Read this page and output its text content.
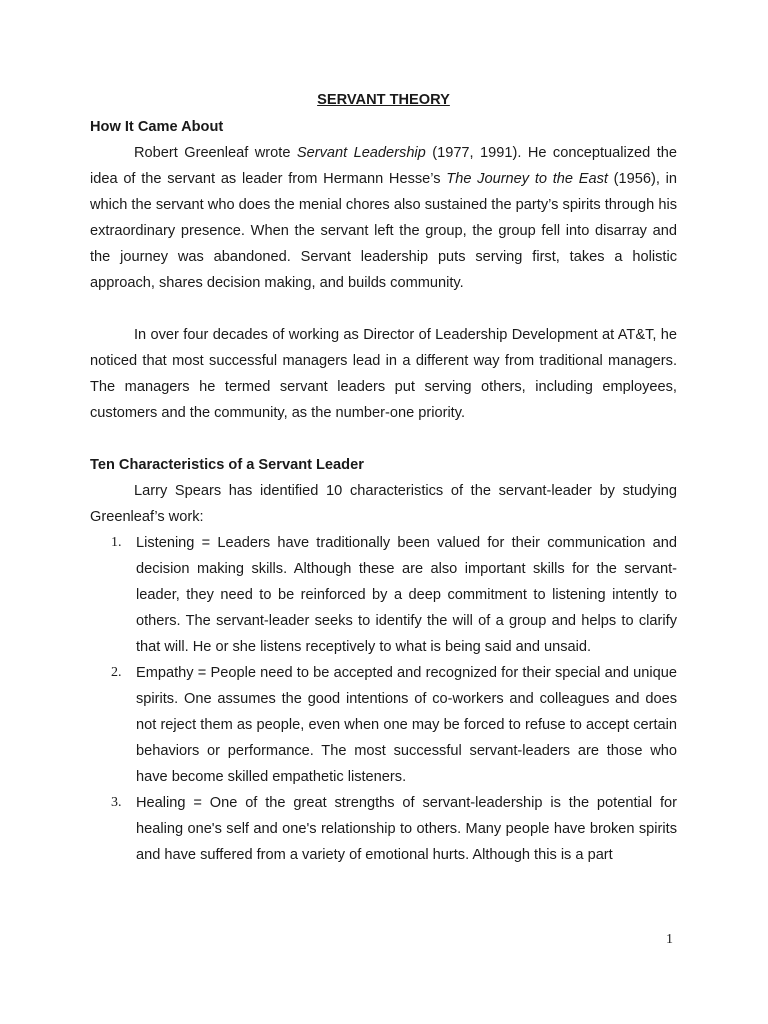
SERVANT THEORY

How It Came About

Robert Greenleaf wrote Servant Leadership (1977, 1991). He conceptualized the idea of the servant as leader from Hermann Hesse’s The Journey to the East (1956), in which the servant who does the menial chores also sustained the party’s spirits through his extraordinary presence. When the servant left the group, the group fell into disarray and the journey was abandoned. Servant leadership puts serving first, takes a holistic approach, shares decision making, and builds community.

In over four decades of working as Director of Leadership Development at AT&T, he noticed that most successful managers lead in a different way from traditional managers. The managers he termed servant leaders put serving others, including employees, customers and the community, as the number-one priority.

Ten Characteristics of a Servant Leader

Larry Spears has identified 10 characteristics of the servant-leader by studying Greenleaf’s work:

1. Listening = Leaders have traditionally been valued for their communication and decision making skills. Although these are also important skills for the servant-leader, they need to be reinforced by a deep commitment to listening intently to others. The servant-leader seeks to identify the will of a group and helps to clarify that will. He or she listens receptively to what is being said and unsaid.
2. Empathy = People need to be accepted and recognized for their special and unique spirits. One assumes the good intentions of co-workers and colleagues and does not reject them as people, even when one may be forced to refuse to accept certain behaviors or performance. The most successful servant-leaders are those who have become skilled empathetic listeners.
3. Healing = One of the great strengths of servant-leadership is the potential for healing one's self and one's relationship to others. Many people have broken spirits and have suffered from a variety of emotional hurts. Although this is a part
1
